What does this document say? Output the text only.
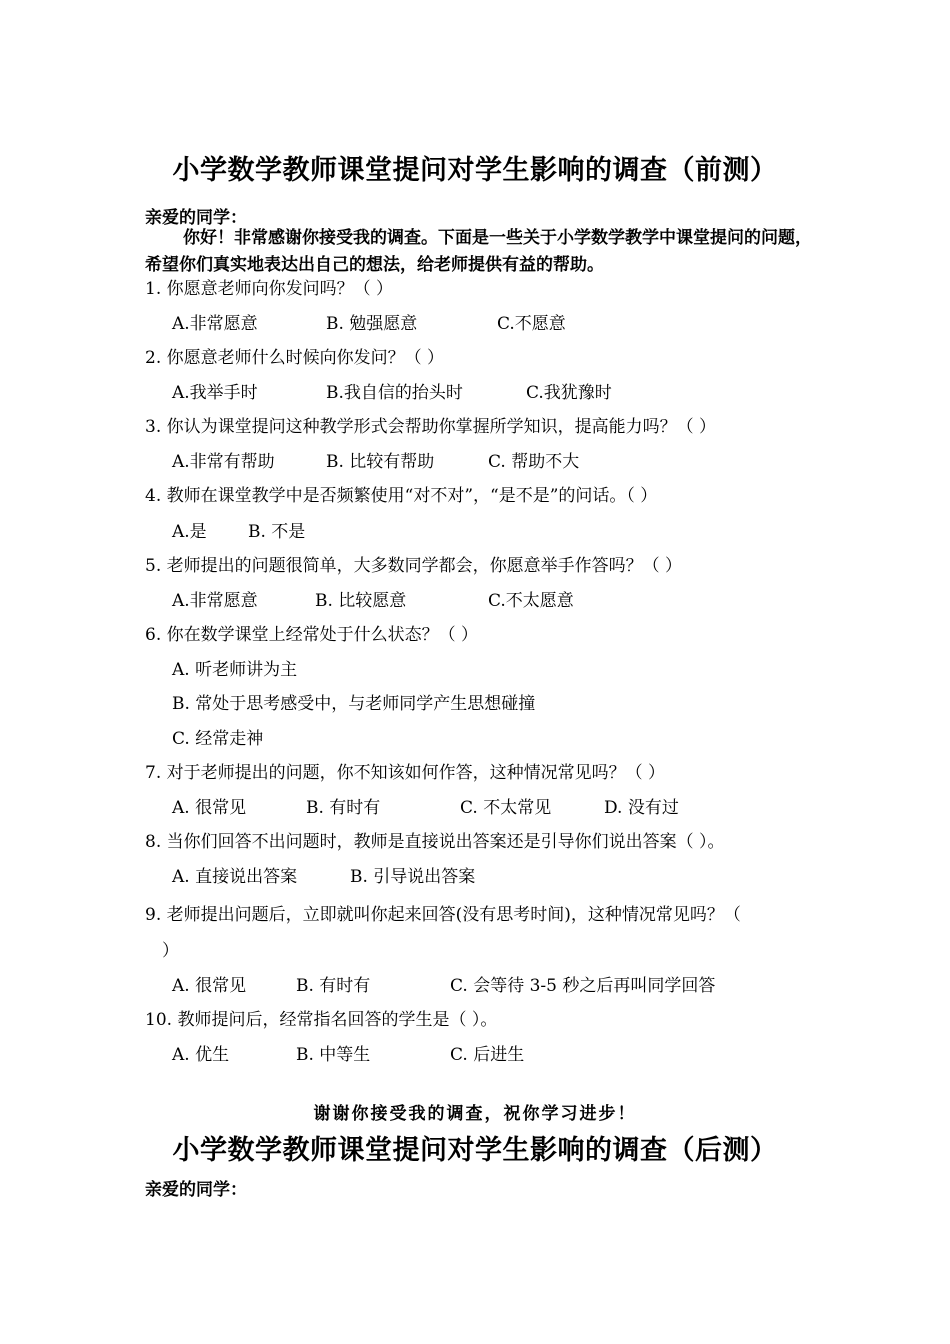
小学数学教师课堂提问对学生影响的调查（前测）
亲爱的同学：
你好！非常感谢你接受我的调查。下面是一些关于小学数学教学中课堂提问的问题，希望你们真实地表达出自己的想法，给老师提供有益的帮助。
1. 你愿意老师向你发问吗？（ ）
A.非常愿意	B. 勉强愿意	C.不愿意
2. 你愿意老师什么时候向你发问？（ ）
A.我举手时	B.我自信的抬头时	C.我犹豫时
3. 你认为课堂提问这种教学形式会帮助你掌握所学知识，提高能力吗？（ ）
A.非常有帮助	B. 比较有帮助	C. 帮助不大
4. 教师在课堂教学中是否频繁使用“对不对”，“是不是”的问话。（ ）
A.是 B. 不是
5. 老师提出的问题很简单，大多数同学都会，你愿意举手作答吗？（ ）
A.非常愿意	B. 比较愿意	C.不太愿意
6. 你在数学课堂上经常处于什么状态？（ ）
A. 听老师讲为主
B. 常处于思考感受中，与老师同学产生思想碰撞
C. 经常走神
7. 对于老师提出的问题，你不知该如何作答，这种情况常见吗？（ ）
A. 很常见	B. 有时有	C. 不太常见	D. 没有过
8. 当你们回答不出问题时，教师是直接说出答案还是引导你们说出答案（ ）。
A. 直接说出答案	B. 引导说出答案
9. 老师提出问题后，立即就叫你起来回答(没有思考时间)，这种情况常见吗？（
）
A. 很常见	B. 有时有	C. 会等待 3-5 秒之后再叫同学回答
10. 教师提问后，经常指名回答的学生是（ ）。
A. 优生	B. 中等生	C. 后进生
谢谢你接受我的调查，祝你学习进步！
小学数学教师课堂提问对学生影响的调查（后测）
亲爱的同学：
